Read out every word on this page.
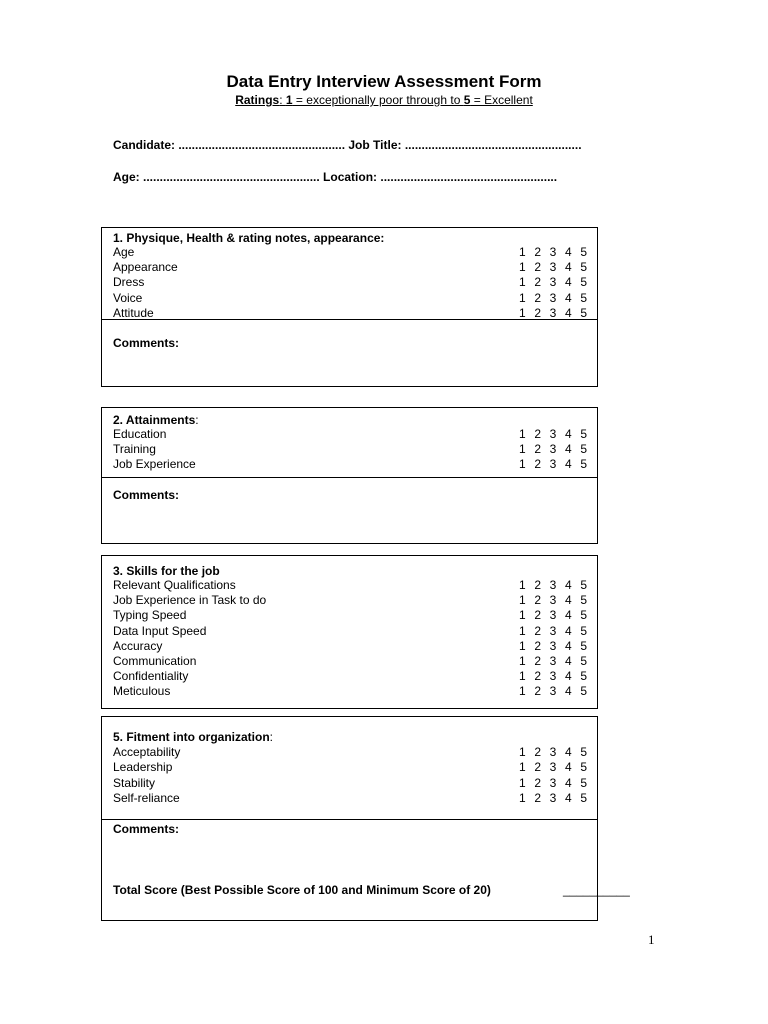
Data Entry Interview Assessment Form
Ratings: 1 = exceptionally poor through to 5 = Excellent
Candidate: .................................................. Job Title: .....................................................
Age: ..................................................... Location: .....................................................
1. Physique, Health & rating notes, appearance:
Age	1 2 3 4 5
Appearance	1 2 3 4 5
Dress	1 2 3 4 5
Voice	1 2 3 4 5
Attitude	1 2 3 4 5
Comments:
2. Attainments:
Education	1 2 3 4 5
Training	1 2 3 4 5
Job Experience	1 2 3 4 5
Comments:
3. Skills for the job
Relevant Qualifications	1 2 3 4 5
Job Experience in Task to do	1 2 3 4 5
Typing Speed	1 2 3 4 5
Data Input Speed	1 2 3 4 5
Accuracy	1 2 3 4 5
Communication	1 2 3 4 5
Confidentiality	1 2 3 4 5
Meticulous	1 2 3 4 5
5. Fitment into organization:
Acceptability	1 2 3 4 5
Leadership	1 2 3 4 5
Stability	1 2 3 4 5
Self-reliance	1 2 3 4 5
Comments:
Total Score (Best Possible Score of 100 and Minimum Score of 20)	__________
1
